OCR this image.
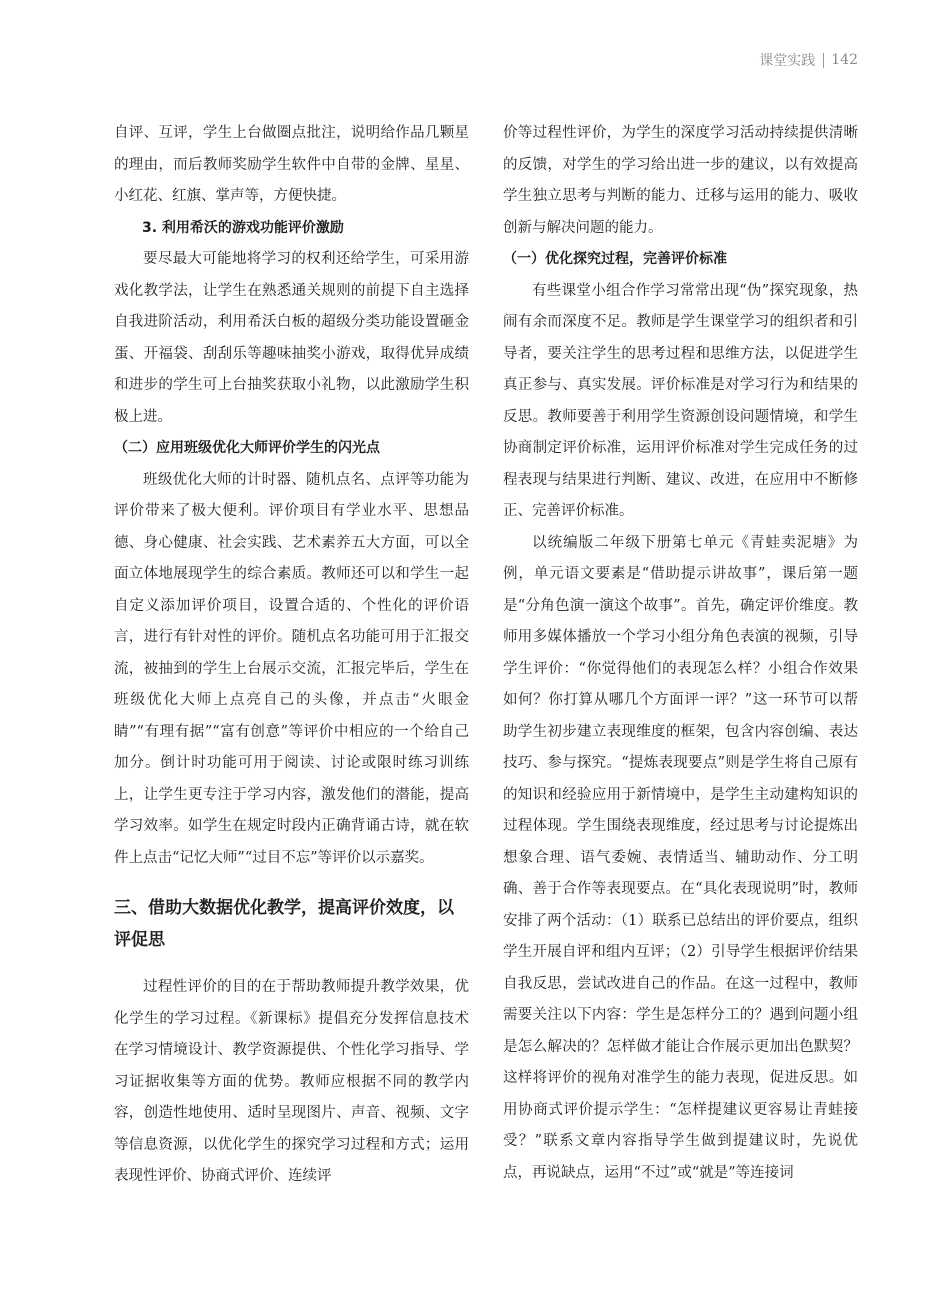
课堂实践 142

自评、互评，学生上台做圈点批注，说明给作品几颗星的理由，而后教师奖励学生软件中自带的金牌、星星、小红花、红旗、掌声等，方便快捷。

3. 利用希沃的游戏功能评价激励

要尽最大可能地将学习的权利还给学生，可采用游戏化教学法，让学生在熟悉通关规则的前提下自主选择自我进阶活动，利用希沃白板的超级分类功能设置砸金蛋、开福袋、刮刮乐等趣味抽奖小游戏，取得优异成绩和进步的学生可上台抽奖获取小礼物，以此激励学生积极上进。

（二）应用班级优化大师评价学生的闪光点

班级优化大师的计时器、随机点名、点评等功能为评价带来了极大便利。评价项目有学业水平、思想品德、身心健康、社会实践、艺术素养五大方面，可以全面立体地展现学生的综合素质。教师还可以和学生一起自定义添加评价项目，设置合适的、个性化的评价语言，进行有针对性的评价。随机点名功能可用于汇报交流，被抽到的学生上台展示交流，汇报完毕后，学生在班级优化大师上点亮自己的头像，并点击“火眼金睛”“有理有据”“富有创意”等评价中相应的一个给自己加分。倒计时功能可用于阅读、讨论或限时练习训练上，让学生更专注于学习内容，激发他们的潜能，提高学习效率。如学生在规定时段内正确背诵古诗，就在软件上点击“记忆大师”“过目不忘”等评价以示嘉奖。

三、借助大数据优化教学，提高评价效度，以评促思

过程性评价的目的在于帮助教师提升教学效果，优化学生的学习过程。《新课标》提倡充分发挥信息技术在学习情境设计、教学资源提供、个性化学习指导、学习证据收集等方面的优势。教师应根据不同的教学内容，创造性地使用、适时呈现图片、声音、视频、文字等信息资源，以优化学生的探究学习过程和方式；运用表现性评价、协商式评价、连续评

价等过程性评价，为学生的深度学习活动持续提供清晰的反馈，对学生的学习给出进一步的建议，以有效提高学生独立思考与判断的能力、迁移与运用的能力、吸收创新与解决问题的能力。

（一）优化探究过程，完善评价标准

有些课堂小组合作学习常常出现“伪”探究现象，热闹有余而深度不足。教师是学生课堂学习的组织者和引导者，要关注学生的思考过程和思维方法，以促进学生真正参与、真实发展。评价标准是对学习行为和结果的反思。教师要善于利用学生资源创设问题情境，和学生协商制定评价标准，运用评价标准对学生完成任务的过程表现与结果进行判断、建议、改进，在应用中不断修正、完善评价标准。

以统编版二年级下册第七单元《青蛙卖泥塘》为例，单元语文要素是“借助提示讲故事”，课后第一题是“分角色演一演这个故事”。首先，确定评价维度。教师用多媒体播放一个学习小组分角色表演的视频，引导学生评价：“你觉得他们的表现怎么样？小组合作效果如何？你打算从哪几个方面评一评？”这一环节可以帮助学生初步建立表现维度的框架，包含内容创编、表达技巧、参与探究。“提炼表现要点”则是学生将自己原有的知识和经验应用于新情境中，是学生主动建构知识的过程体现。学生围绕表现维度，经过思考与讨论提炼出想象合理、语气委婉、表情适当、辅助动作、分工明确、善于合作等表现要点。在“具化表现说明”时，教师安排了两个活动：（1）联系已总结出的评价要点，组织学生开展自评和组内互评；（2）引导学生根据评价结果自我反思，尝试改进自己的作品。在这一过程中，教师需要关注以下内容：学生是怎样分工的？遇到问题小组是怎么解决的？怎样做才能让合作展示更加出色默契？这样将评价的视角对准学生的能力表现，促进反思。如用协商式评价提示学生：“怎样提建议更容易让青蛙接受？”联系文章内容指导学生做到提建议时，先说优点，再说缺点，运用“不过”或“就是”等连接词
